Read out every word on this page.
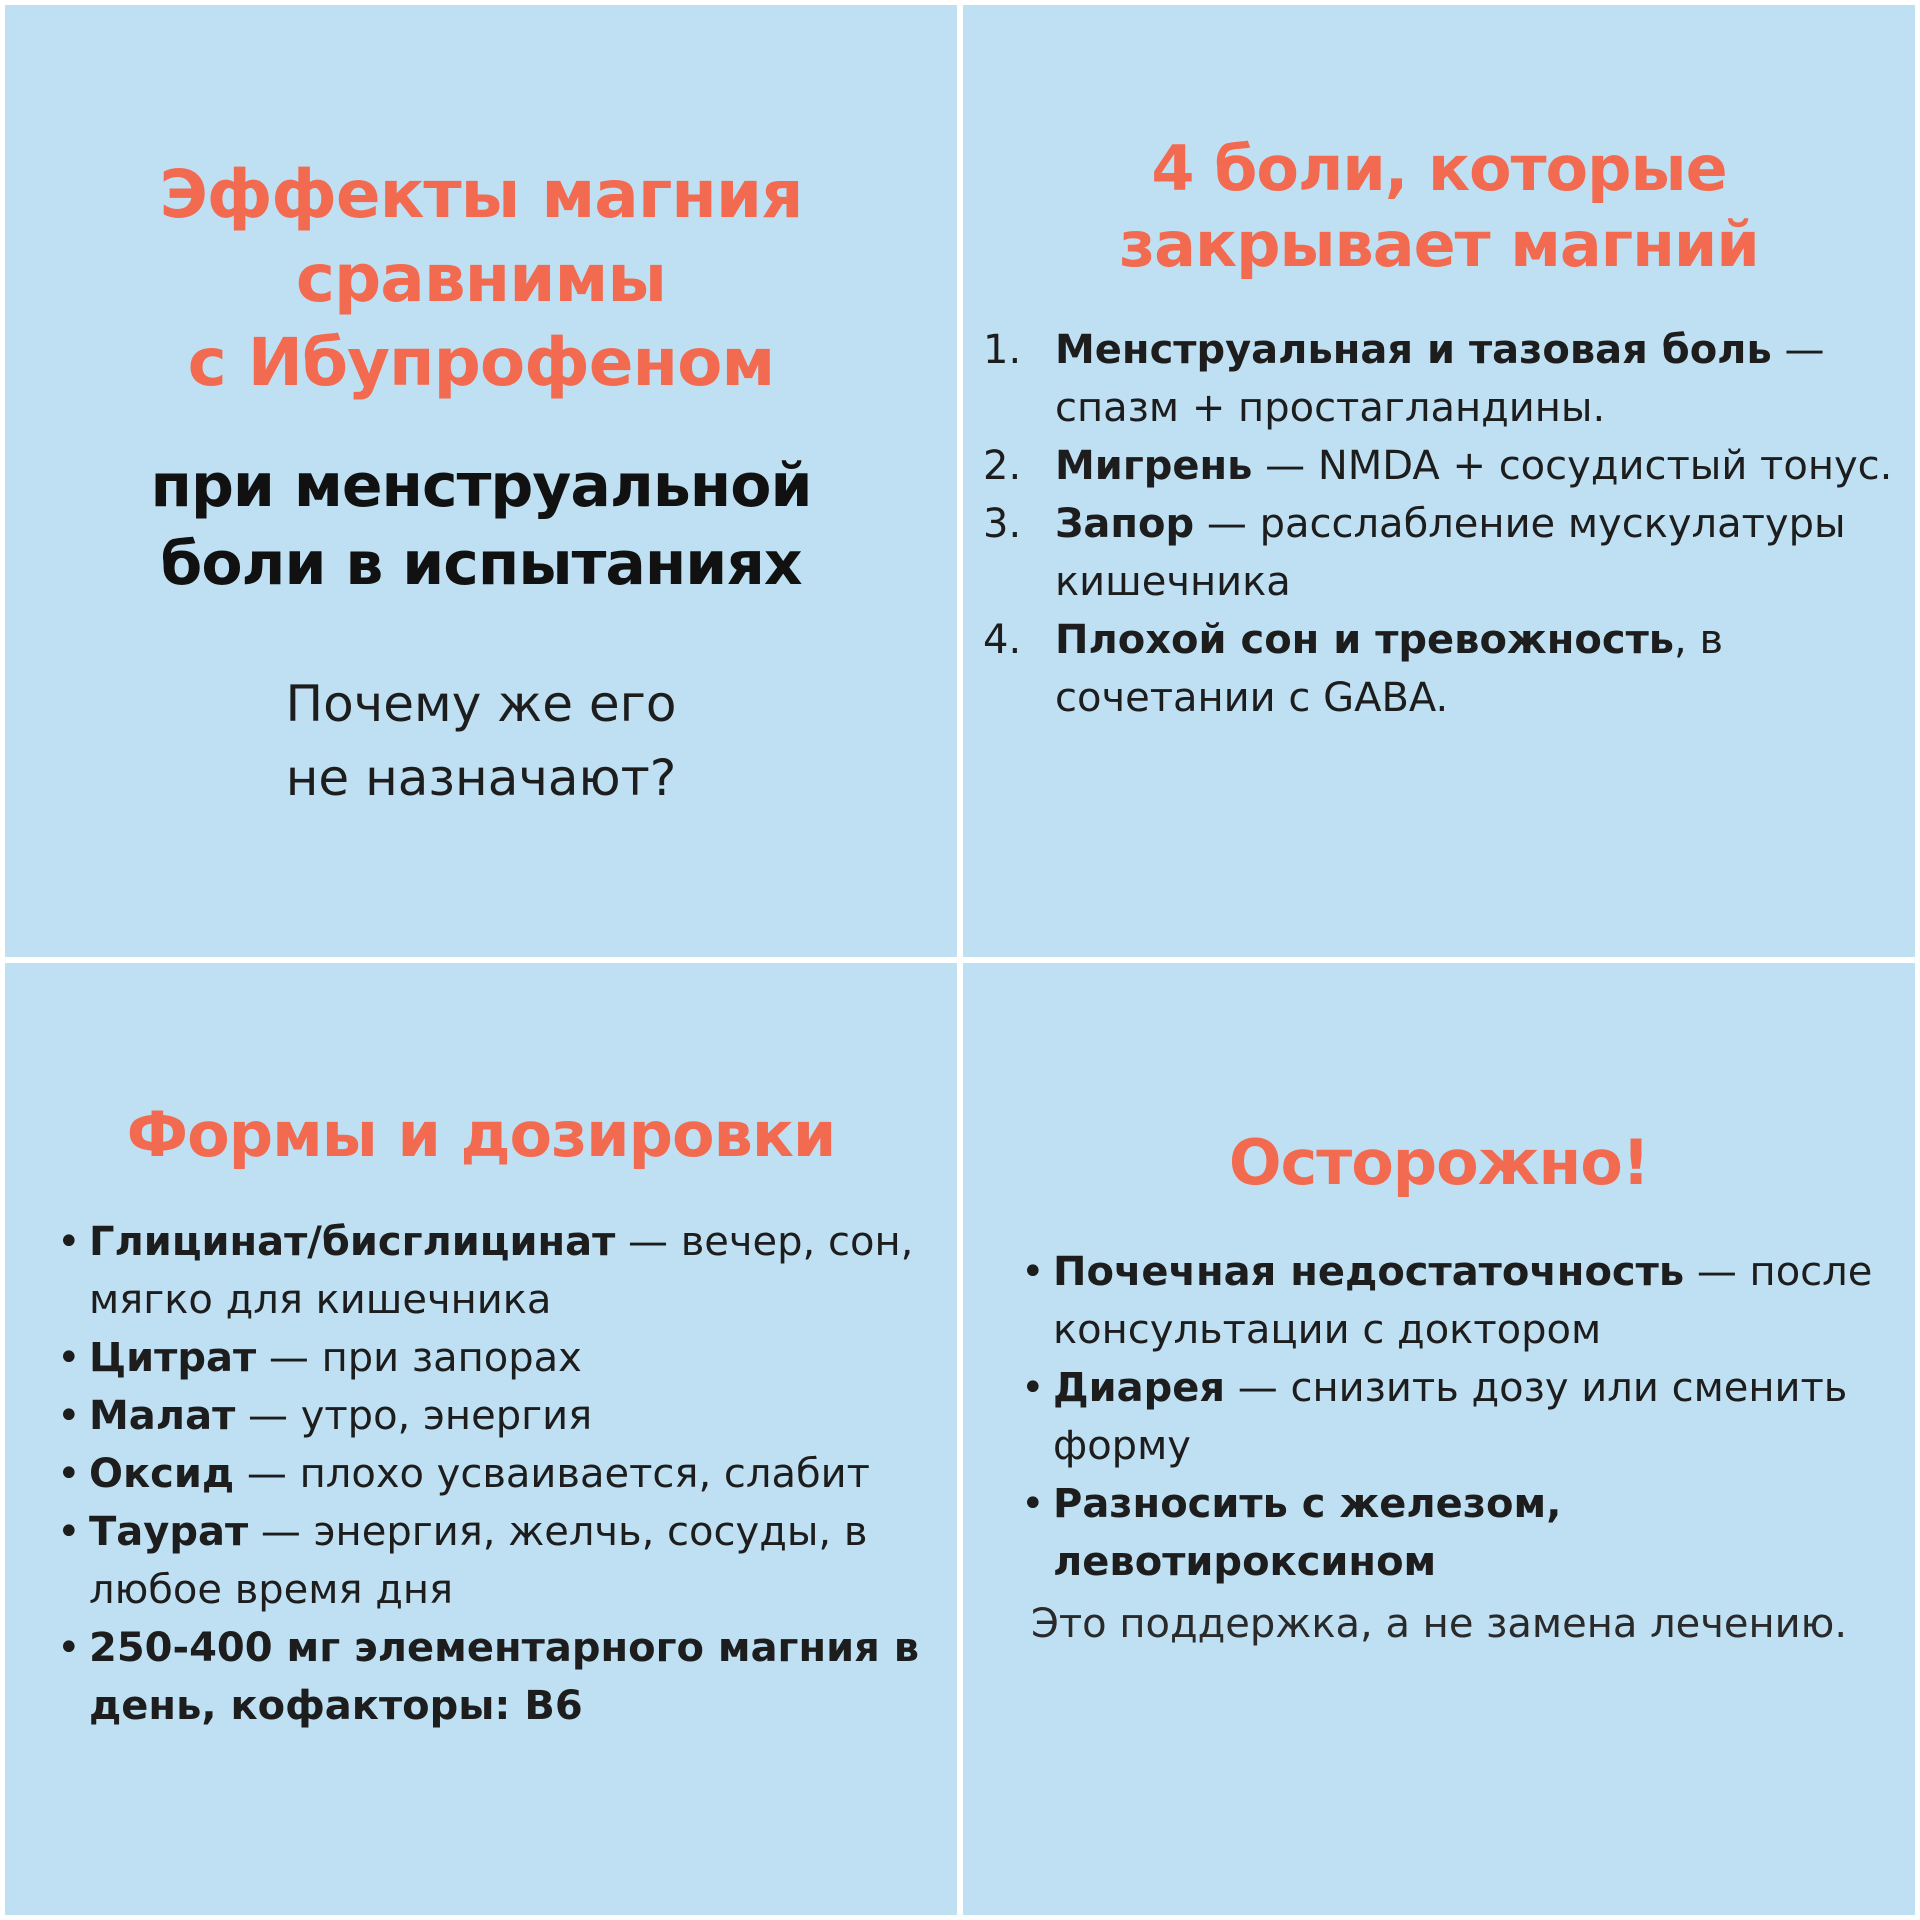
Эффекты магния
сравнимы
с Ибупрофеном
при менструальной
боли в испытаниях
Почему же его
не назначают?
4 боли, которые
закрывает магний
1. Менструальная и тазовая боль — спазм + простагландины.
2. Мигрень — NMDA + сосудистый тонус.
3. Запор — расслабление мускулатуры кишечника
4. Плохой сон и тревожность, в сочетании с GABA.
Формы и дозировки
• Глицинат/бисглицинат — вечер, сон, мягко для кишечника
• Цитрат — при запорах
• Малат — утро, энергия
• Оксид — плохо усваивается, слабит
• Таурат — энергия, желчь, сосуды, в любое время дня
• 250-400 мг элементарного магния в день, кофакторы: B6
Осторожно!
• Почечная недостаточность — после консультации с доктором
• Диарея — снизить дозу или сменить форму
• Разносить с железом, левотироксином
Это поддержка, а не замена лечению.
